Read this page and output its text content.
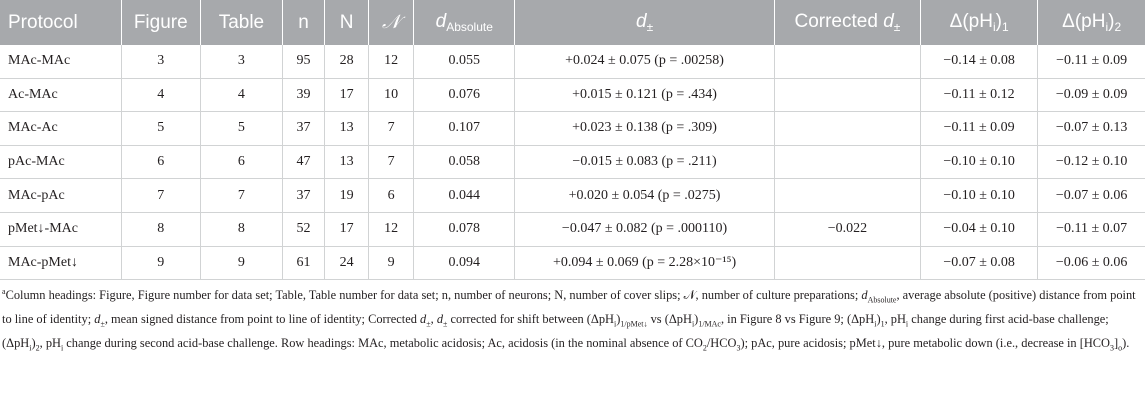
Protocol	Figure	Table	n	N	𝒩	$d_{Absolute}$	$d_\pm$	Corrected $d_\pm$	$\Delta(pH_i)_1$	$\Delta(pH_i)_2$
MAc-MAc	3	3	95	28	12	0.055	+0.024 ± 0.075 (p = .00258)		−0.14 ± 0.08	−0.11 ± 0.09
Ac-MAc	4	4	39	17	10	0.076	+0.015 ± 0.121 (p = .434)		−0.11 ± 0.12	−0.09 ± 0.09
MAc-Ac	5	5	37	13	7	0.107	+0.023 ± 0.138 (p = .309)		−0.11 ± 0.09	−0.07 ± 0.13
pAc-MAc	6	6	47	13	7	0.058	−0.015 ± 0.083 (p = .211)		−0.10 ± 0.10	−0.12 ± 0.10
MAc-pAc	7	7	37	19	6	0.044	+0.020 ± 0.054 (p = .0275)		−0.10 ± 0.10	−0.07 ± 0.06
pMet↓-MAc	8	8	52	17	12	0.078	−0.047 ± 0.082 (p = .000110)	−0.022	−0.04 ± 0.10	−0.11 ± 0.07
MAc-pMet↓	9	9	61	24	9	0.094	+0.094 ± 0.069 (p = 2.28×10⁻¹⁵)		−0.07 ± 0.08	−0.06 ± 0.06

$^a$Column headings: Figure, Figure number for data set; Table, Table number for data set; n, number of neurons; N, number of cover slips; 𝒩, number of culture preparations; $d_{Absolute}$, average absolute (positive) distance from point to line of identity; $d_\pm$, mean signed distance from point to line of identity; Corrected $d_\pm$, $d_\pm$ corrected for shift between $(\Delta pH_i)_{1/pMet↓}$ vs $(\Delta pH_i)_{1/MAc}$, in Figure 8 vs Figure 9; $(\Delta pH_i)_1$, $pH_i$ change during first acid-base challenge; $(\Delta pH_i)_2$, $pH_i$ change during second acid-base challenge. Row headings: MAc, metabolic acidosis; Ac, acidosis (in the nominal absence of $CO_2/HCO_3$); pAc, pure acidosis; pMet↓, pure metabolic down (i.e., decrease in $[HCO_3]_o$).
